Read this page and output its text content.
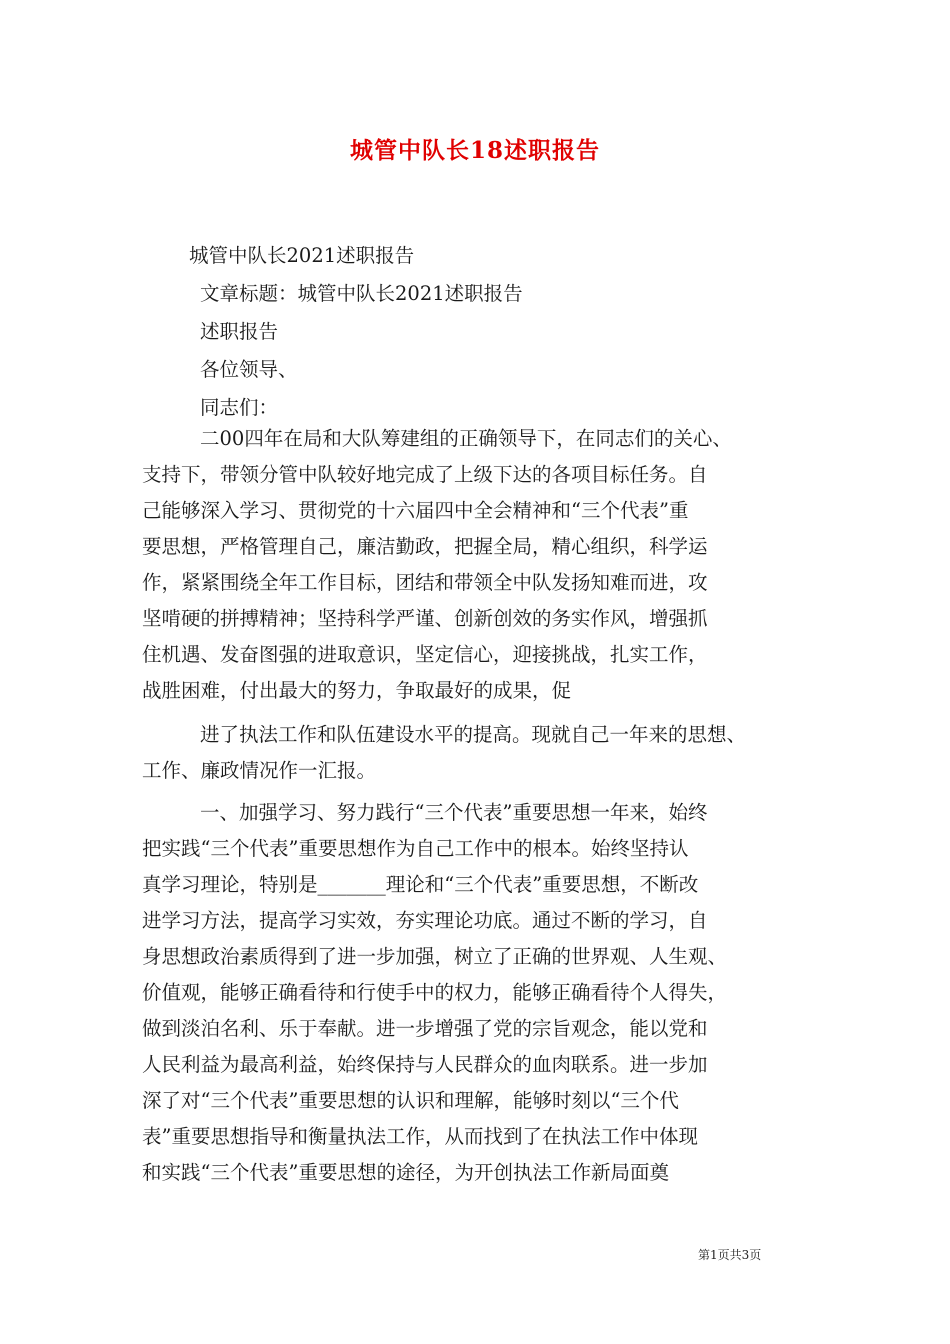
城管中队长18述职报告
城管中队长2021述职报告
文章标题：城管中队长2021述职报告
述职报告
各位领导、
同志们：
二00四年在局和大队筹建组的正确领导下，在同志们的关心、
支持下，带领分管中队较好地完成了上级下达的各项目标任务。自
己能够深入学习、贯彻党的十六届四中全会精神和“三个代表”重
要思想，严格管理自己，廉洁勤政，把握全局，精心组织，科学运
作，紧紧围绕全年工作目标，团结和带领全中队发扬知难而进，攻
坚啃硬的拼搏精神；坚持科学严谨、创新创效的务实作风，增强抓
住机遇、发奋图强的进取意识，坚定信心，迎接挑战，扎实工作，
战胜困难，付出最大的努力，争取最好的成果，促
进了执法工作和队伍建设水平的提高。现就自己一年来的思想、
工作、廉政情况作一汇报。
一、加强学习、努力践行“三个代表”重要思想一年来，始终
把实践“三个代表”重要思想作为自己工作中的根本。始终坚持认
真学习理论，特别是_______理论和“三个代表”重要思想，不断改
进学习方法，提高学习实效，夯实理论功底。通过不断的学习，自
身思想政治素质得到了进一步加强，树立了正确的世界观、人生观、
价值观，能够正确看待和行使手中的权力，能够正确看待个人得失，
做到淡泊名利、乐于奉献。进一步增强了党的宗旨观念，能以党和
人民利益为最高利益，始终保持与人民群众的血肉联系。进一步加
深了对“三个代表”重要思想的认识和理解，能够时刻以“三个代
表”重要思想指导和衡量执法工作，从而找到了在执法工作中体现
和实践“三个代表”重要思想的途径，为开创执法工作新局面奠
第1页共3页
